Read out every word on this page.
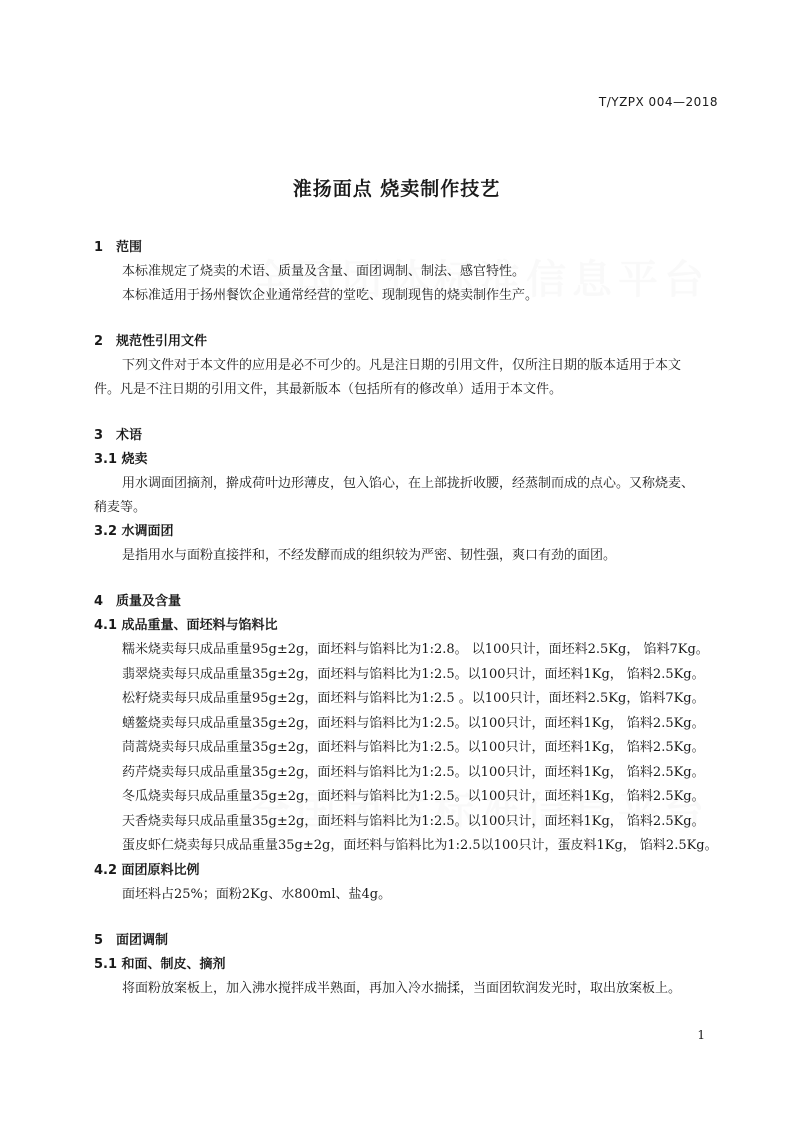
T/YZPX 004—2018
淮扬面点 烧卖制作技艺
1 范围
本标准规定了烧卖的术语、质量及含量、面团调制、制法、感官特性。
本标准适用于扬州餐饮企业通常经营的堂吃、现制现售的烧卖制作生产。
2 规范性引用文件
下列文件对于本文件的应用是必不可少的。凡是注日期的引用文件，仅所注日期的版本适用于本文
件。凡是不注日期的引用文件，其最新版本（包括所有的修改单）适用于本文件。
3 术语
3.1 烧卖
用水调面团摘剂，擀成荷叶边形薄皮，包入馅心，在上部拢折收腰，经蒸制而成的点心。又称烧麦、
稍麦等。
3.2 水调面团
是指用水与面粉直接拌和，不经发酵而成的组织较为严密、韧性强，爽口有劲的面团。
4 质量及含量
4.1 成品重量、面坯料与馅料比
糯米烧卖每只成品重量95g±2g，面坯料与馅料比为1:2.8。 以100只计，面坯料2.5Kg， 馅料7Kg。
翡翠烧卖每只成品重量35g±2g，面坯料与馅料比为1:2.5。以100只计，面坯料1Kg， 馅料2.5Kg。
松籽烧卖每只成品重量95g±2g，面坯料与馅料比为1:2.5 。以100只计，面坯料2.5Kg，馅料7Kg。
蟮鳌烧卖每只成品重量35g±2g，面坯料与馅料比为1:2.5。以100只计，面坯料1Kg， 馅料2.5Kg。
茼蒿烧卖每只成品重量35g±2g，面坯料与馅料比为1:2.5。以100只计，面坯料1Kg， 馅料2.5Kg。
药芹烧卖每只成品重量35g±2g，面坯料与馅料比为1:2.5。以100只计，面坯料1Kg， 馅料2.5Kg。
冬瓜烧卖每只成品重量35g±2g，面坯料与馅料比为1:2.5。以100只计，面坯料1Kg， 馅料2.5Kg。
天香烧卖每只成品重量35g±2g，面坯料与馅料比为1:2.5。以100只计，面坯料1Kg， 馅料2.5Kg。
蛋皮虾仁烧卖每只成品重量35g±2g，面坯料与馅料比为1:2.5以100只计，蛋皮料1Kg， 馅料2.5Kg。
4.2 面团原料比例
面坯料占25%；面粉2Kg、水800ml、盐4g。
5 面团调制
5.1 和面、制皮、摘剂
将面粉放案板上，加入沸水搅拌成半熟面，再加入冷水揣揉，当面团软润发光时，取出放案板上。
1
